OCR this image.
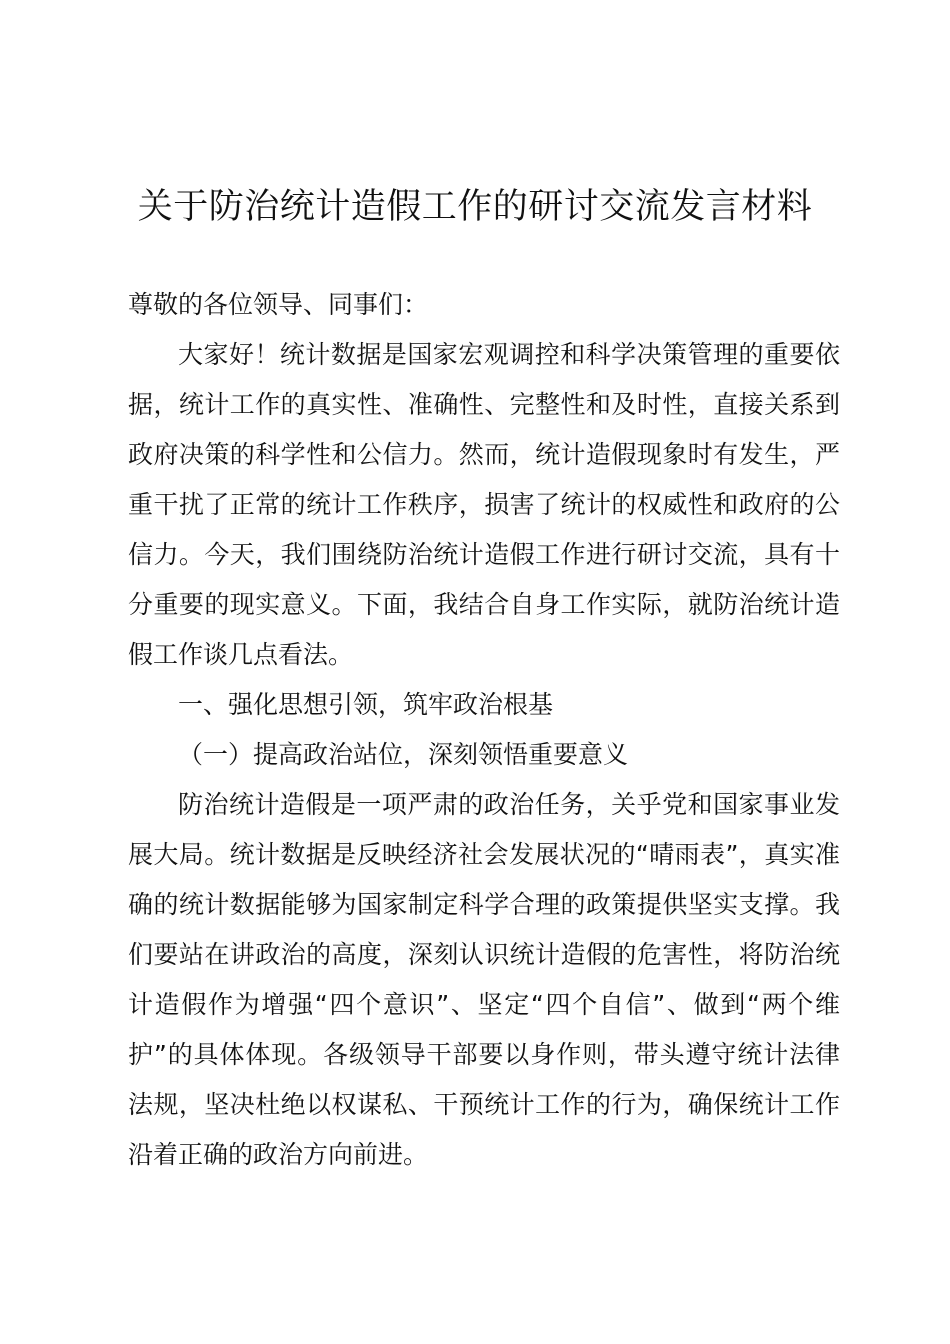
关于防治统计造假工作的研讨交流发言材料

尊敬的各位领导、同事们：

大家好！统计数据是国家宏观调控和科学决策管理的重要依据，统计工作的真实性、准确性、完整性和及时性，直接关系到政府决策的科学性和公信力。然而，统计造假现象时有发生，严重干扰了正常的统计工作秩序，损害了统计的权威性和政府的公信力。今天，我们围绕防治统计造假工作进行研讨交流，具有十分重要的现实意义。下面，我结合自身工作实际，就防治统计造假工作谈几点看法。

一、强化思想引领，筑牢政治根基

（一）提高政治站位，深刻领悟重要意义

防治统计造假是一项严肃的政治任务，关乎党和国家事业发展大局。统计数据是反映经济社会发展状况的“晴雨表”，真实准确的统计数据能够为国家制定科学合理的政策提供坚实支撑。我们要站在讲政治的高度，深刻认识统计造假的危害性，将防治统计造假作为增强“四个意识”、坚定“四个自信”、做到“两个维护”的具体体现。各级领导干部要以身作则，带头遵守统计法律法规，坚决杜绝以权谋私、干预统计工作的行为，确保统计工作沿着正确的政治方向前进。
